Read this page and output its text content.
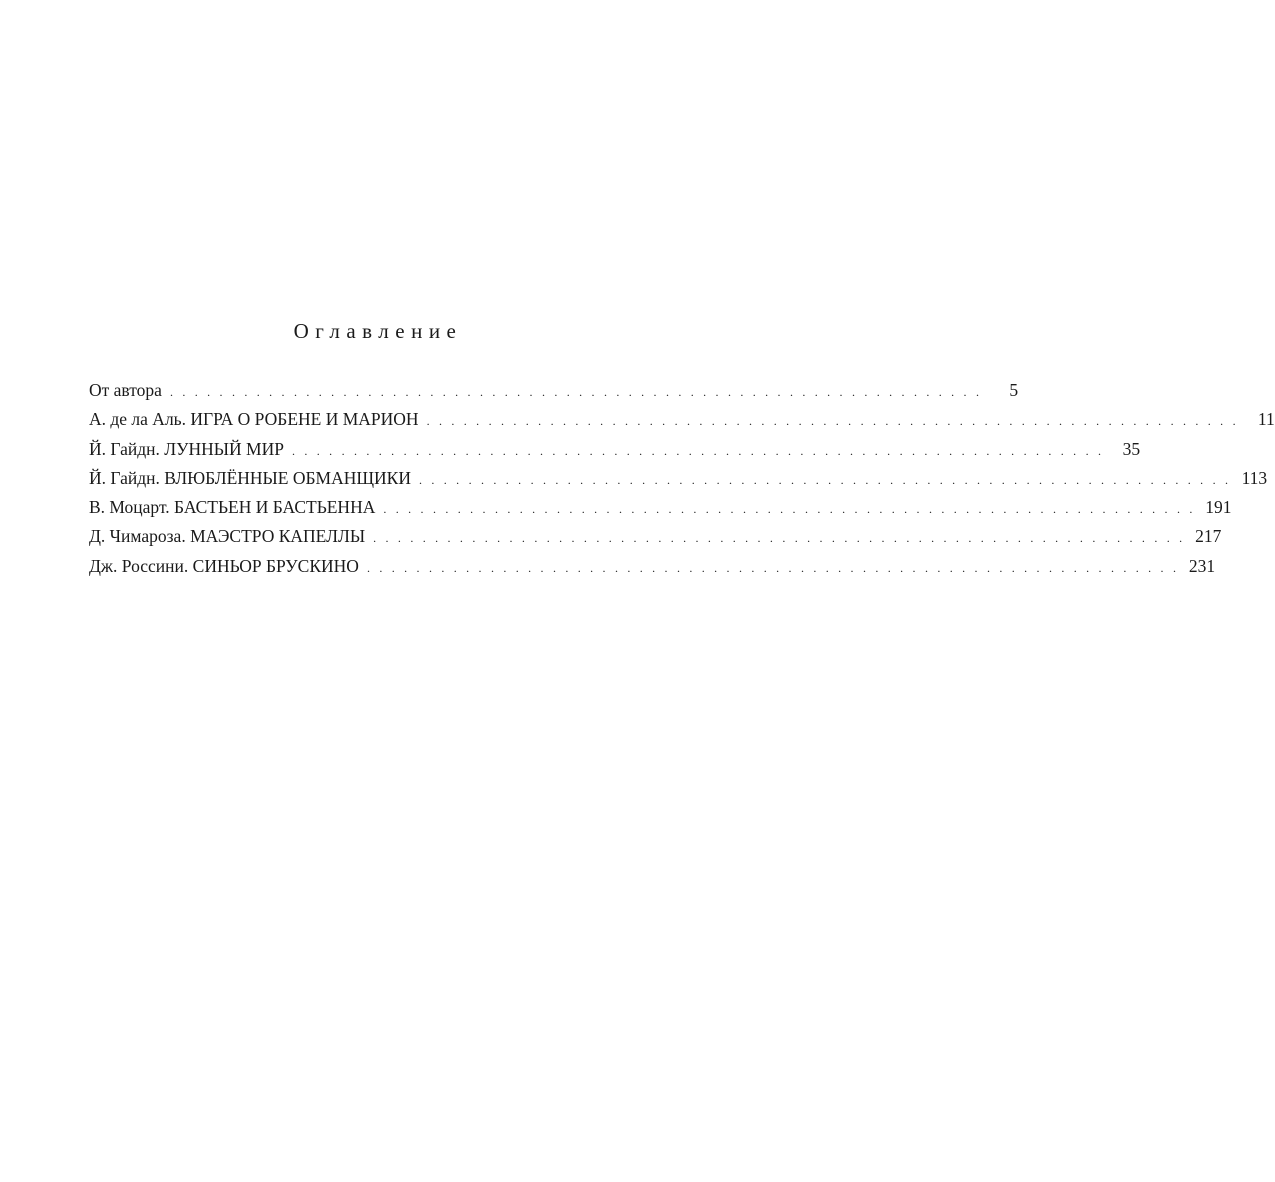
Оглавление
От автора . . . . . . . . . . . . . . . . . . . . . . . . . . . . . . . . . . . . . . . . . . . . . . . . . . . . . . . . . . . . . . . . . .	5
А. де ла Аль. ИГРА О РОБЕНЕ И МАРИОН . . . . . . . . . . . . . . . . . . . . . . . . . . . . . . . . . . . . . . . . . . . . . . . . . . . . . . . . . . . . . . . . . .	11
Й. Гайдн. ЛУННЫЙ МИР . . . . . . . . . . . . . . . . . . . . . . . . . . . . . . . . . . . . . . . . . . . . . . . . . . . . . . . . . . . . . . . . . .	35
Й. Гайдн. ВЛЮБЛЁННЫЕ ОБМАНЩИКИ . . . . . . . . . . . . . . . . . . . . . . . . . . . . . . . . . . . . . . . . . . . . . . . . . . . . . . . . . . . . . . . . . . 113
В. Моцарт. БАСТЬЕН И БАСТЬЕННА . . . . . . . . . . . . . . . . . . . . . . . . . . . . . . . . . . . . . . . . . . . . . . . . . . . . . . . . . . . . . . . . . . 191
Д. Чимароза. МАЭСТРО КАПЕЛЛЫ . . . . . . . . . . . . . . . . . . . . . . . . . . . . . . . . . . . . . . . . . . . . . . . . . . . . . . . . . . . . . . . . . . 217
Дж. Россини. СИНЬОР БРУСКИНО . . . . . . . . . . . . . . . . . . . . . . . . . . . . . . . . . . . . . . . . . . . . . . . . . . . . . . . . . . . . . . . . . . 231
